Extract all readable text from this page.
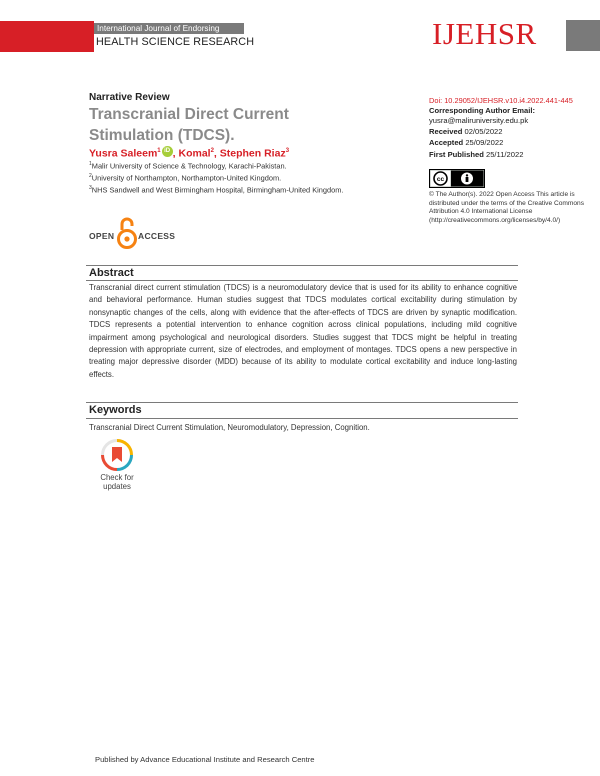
International Journal of Endorsing
HEALTH SCIENCE RESEARCH	IJEHSR
Narrative Review
Transcranial Direct Current Stimulation (TDCS).
Yusra Saleem$^1$ iD , Komal$^2$, Stephen Riaz$^3$
$^1$Malir University of Science & Technology, Karachi-Pakistan.
$^2$University of Northampton, Northampton-United Kingdom.
$^3$NHS Sandwell and West Birmingham Hospital, Birmingham-United Kingdom.
OPEN	ACCESS
Doi: 10.29052/IJEHSR.v10.i4.2022.441-445
Corresponding Author Email:
yusra@maliruniversity.edu.pk
Received 02/05/2022
Accepted 25/09/2022
First Published 25/11/2022
cc
© The Author(s). 2022 Open Access This article is distributed under the terms of the Creative Commons Attribution 4.0 International License (http://creativecommons.org/licenses/by/4.0/)
Abstract
Transcranial direct current stimulation (TDCS) is a neuromodulatory device that is used for its ability to enhance cognitive and behavioral performance. Human studies suggest that TDCS modulates cortical excitability during stimulation by nonsynaptic changes of the cells, along with evidence that the after-effects of TDCS are driven by synaptic modification. TDCS represents a potential intervention to enhance cognition across clinical populations, including mild cognitive impairment among psychological and neurological disorders. Studies suggest that TDCS might be helpful in treating depression with appropriate current, size of electrodes, and employment of montages. TDCS opens a new perspective in treating major depressive disorder (MDD) because of its ability to modulate cortical excitability and induce long-lasting effects.
Keywords
Transcranial Direct Current Stimulation, Neuromodulatory, Depression, Cognition.
Check for
updates
Published by Advance Educational Institute and Research Centre
